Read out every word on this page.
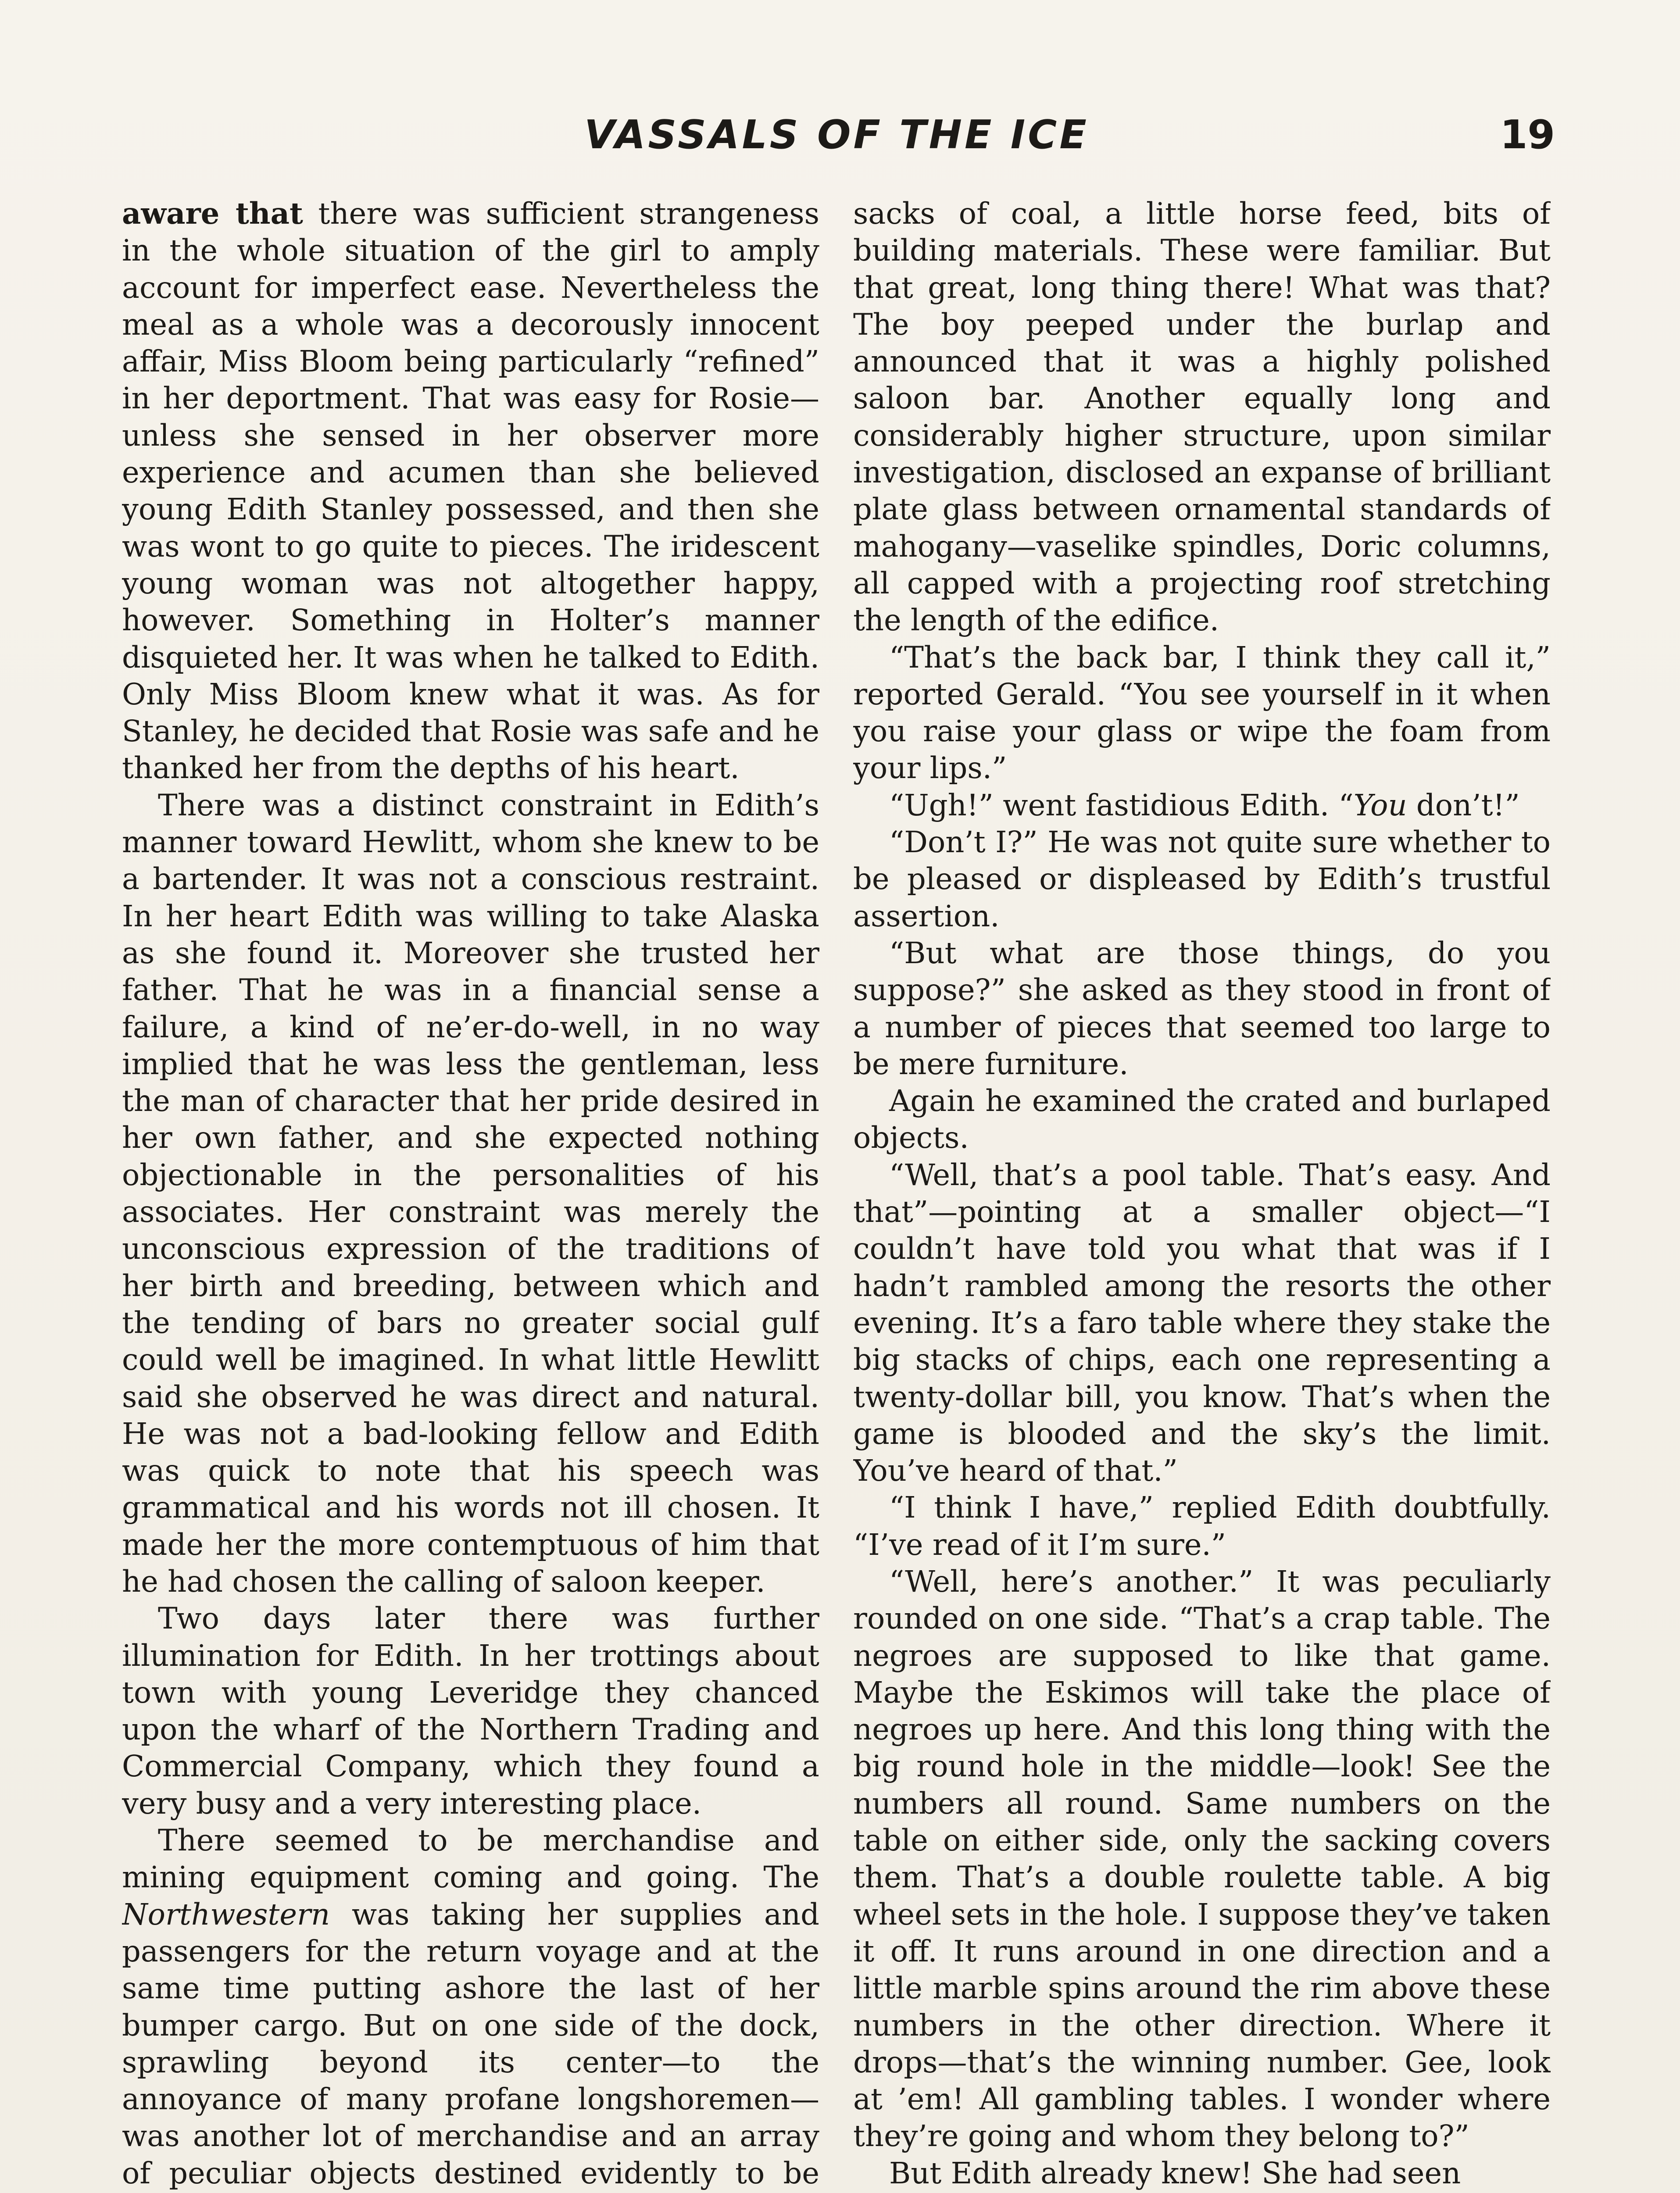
VASSALS OF THE ICE	19

aware that there was sufficient strangeness in the whole situation of the girl to amply account for imperfect ease. Nevertheless the meal as a whole was a decorously innocent affair, Miss Bloom being particularly “refined” in her deportment. That was easy for Rosie—unless she sensed in her observer more experience and acumen than she believed young Edith Stanley possessed, and then she was wont to go quite to pieces. The iridescent young woman was not altogether happy, however. Something in Holter’s manner disquieted her. It was when he talked to Edith. Only Miss Bloom knew what it was. As for Stanley, he decided that Rosie was safe and he thanked her from the depths of his heart.

There was a distinct constraint in Edith’s manner toward Hewlitt, whom she knew to be a bartender. It was not a conscious restraint. In her heart Edith was willing to take Alaska as she found it. Moreover she trusted her father. That he was in a financial sense a failure, a kind of ne’er-do-well, in no way implied that he was less the gentleman, less the man of character that her pride desired in her own father, and she expected nothing objectionable in the personalities of his associates. Her constraint was merely the unconscious expression of the traditions of her birth and breeding, between which and the tending of bars no greater social gulf could well be imagined. In what little Hewlitt said she observed he was direct and natural. He was not a bad-looking fellow and Edith was quick to note that his speech was grammatical and his words not ill chosen. It made her the more contemptuous of him that he had chosen the calling of saloon keeper.

Two days later there was further illumination for Edith. In her trottings about town with young Leveridge they chanced upon the wharf of the Northern Trading and Commercial Company, which they found a very busy and a very interesting place.

There seemed to be merchandise and mining equipment coming and going. The Northwestern was taking her supplies and passengers for the return voyage and at the same time putting ashore the last of her bumper cargo. But on one side of the dock, sprawling beyond its center—to the annoyance of many profane longshoremen—was another lot of merchandise and an array of peculiar objects destined evidently to be

sacks of coal, a little horse feed, bits of building materials. These were familiar. But that great, long thing there! What was that? The boy peeped under the burlap and announced that it was a highly polished saloon bar. Another equally long and considerably higher structure, upon similar investigation, disclosed an expanse of brilliant plate glass between ornamental standards of mahogany—vaselike spindles, Doric columns, all capped with a projecting roof stretching the length of the edifice.

“That’s the back bar, I think they call it,” reported Gerald. “You see yourself in it when you raise your glass or wipe the foam from your lips.”

“Ugh!” went fastidious Edith. “You don’t!”

“Don’t I?” He was not quite sure whether to be pleased or displeased by Edith’s trustful assertion.

“But what are those things, do you suppose?” she asked as they stood in front of a number of pieces that seemed too large to be mere furniture.

Again he examined the crated and burlaped objects.

“Well, that’s a pool table. That’s easy. And that”—pointing at a smaller object—“I couldn’t have told you what that was if I hadn’t rambled among the resorts the other evening. It’s a faro table where they stake the big stacks of chips, each one representing a twenty-dollar bill, you know. That’s when the game is blooded and the sky’s the limit. You’ve heard of that.”

“I think I have,” replied Edith doubtfully. “I’ve read of it I’m sure.”

“Well, here’s another.” It was peculiarly rounded on one side. “That’s a crap table. The negroes are supposed to like that game. Maybe the Eskimos will take the place of negroes up here. And this long thing with the big round hole in the middle—look! See the numbers all round. Same numbers on the table on either side, only the sacking covers them. That’s a double roulette table. A big wheel sets in the hole. I suppose they’ve taken it off. It runs around in one direction and a little marble spins around the rim above these numbers in the other direction. Where it drops—that’s the winning number. Gee, look at ’em! All gambling tables. I wonder where they’re going and whom they belong to?”

But Edith already knew! She had seen
